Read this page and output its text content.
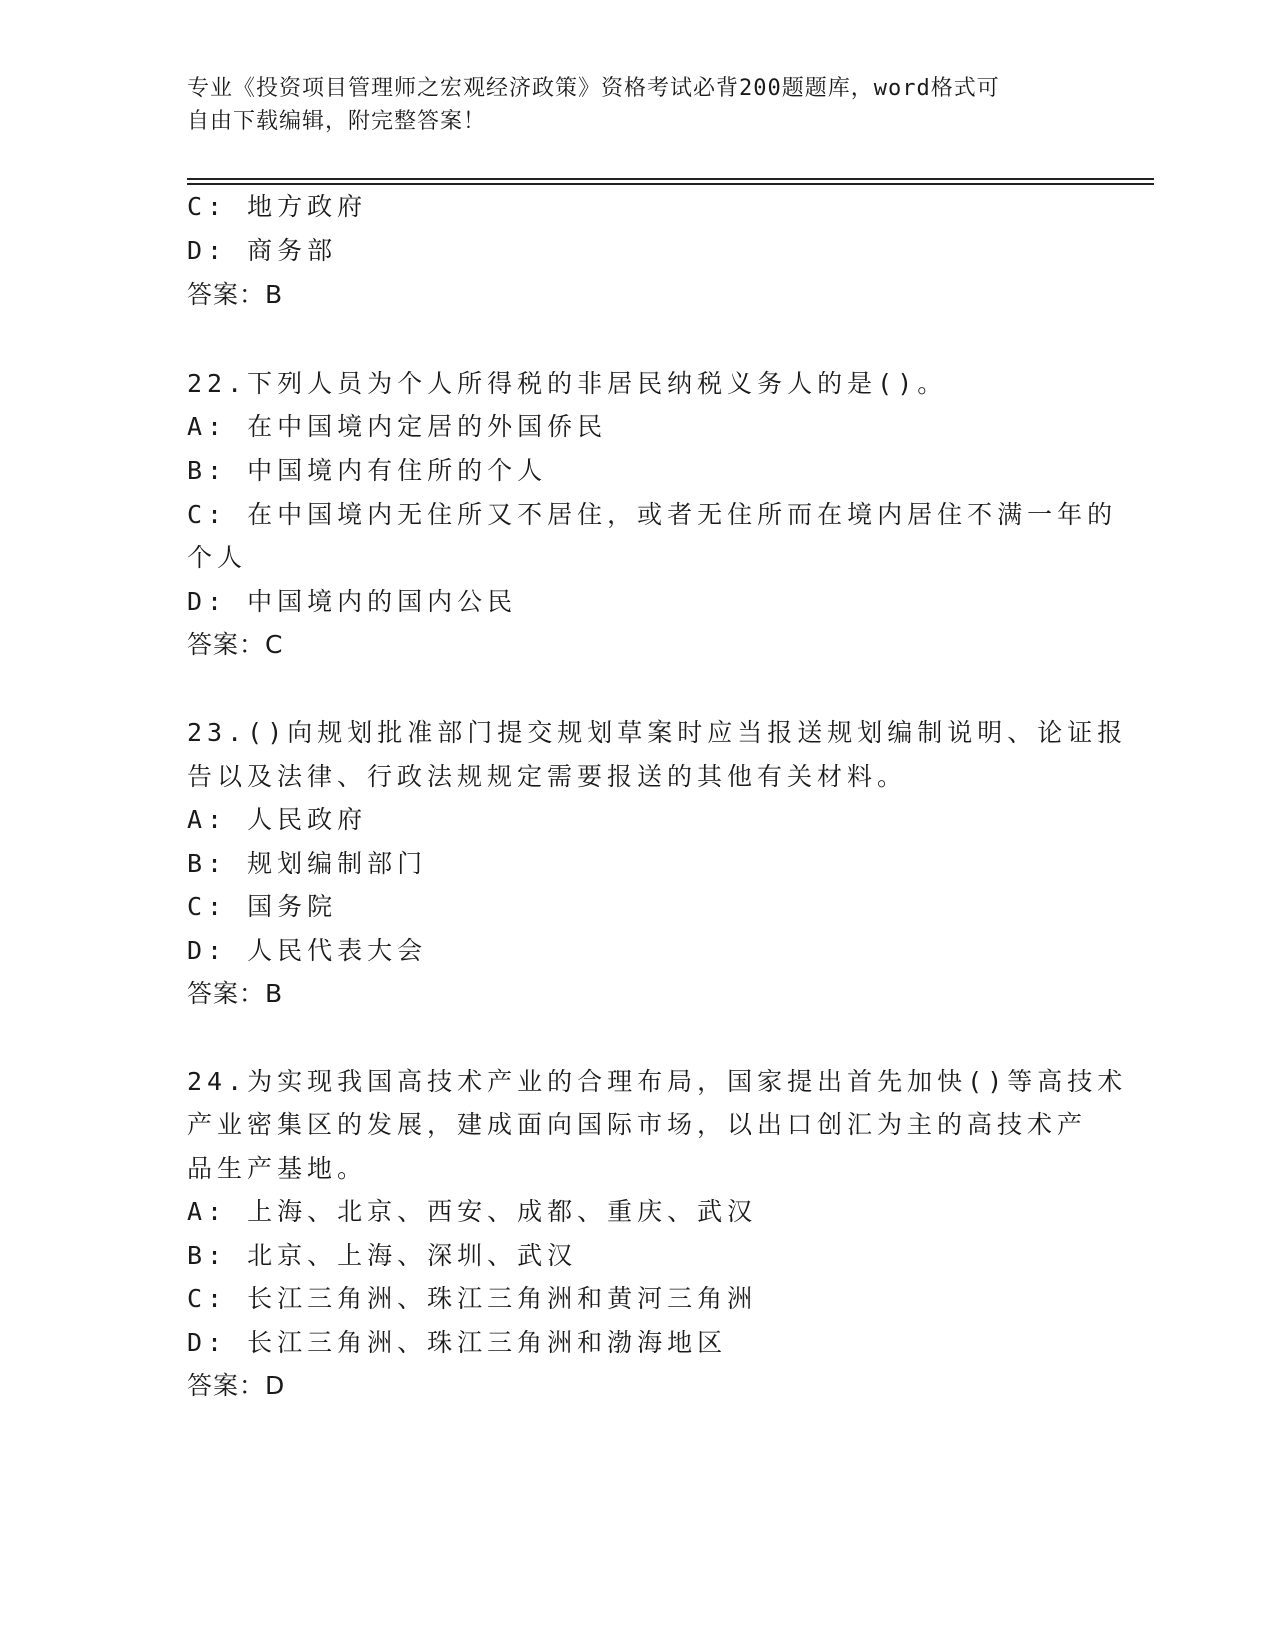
专业《投资项目管理师之宏观经济政策》资格考试必背200题题库，word格式可
自由下载编辑，附完整答案！
C: 地方政府
D: 商务部
答案：B
22.下列人员为个人所得税的非居民纳税义务人的是()。
A: 在中国境内定居的外国侨民
B: 中国境内有住所的个人
C: 在中国境内无住所又不居住，或者无住所而在境内居住不满一年的
个人
D: 中国境内的国内公民
答案：C
23.()向规划批准部门提交规划草案时应当报送规划编制说明、论证报
告以及法律、行政法规规定需要报送的其他有关材料。
A: 人民政府
B: 规划编制部门
C: 国务院
D: 人民代表大会
答案：B
24.为实现我国高技术产业的合理布局，国家提出首先加快()等高技术
产业密集区的发展，建成面向国际市场，以出口创汇为主的高技术产
品生产基地。
A: 上海、北京、西安、成都、重庆、武汉
B: 北京、上海、深圳、武汉
C: 长江三角洲、珠江三角洲和黄河三角洲
D: 长江三角洲、珠江三角洲和渤海地区
答案：D
